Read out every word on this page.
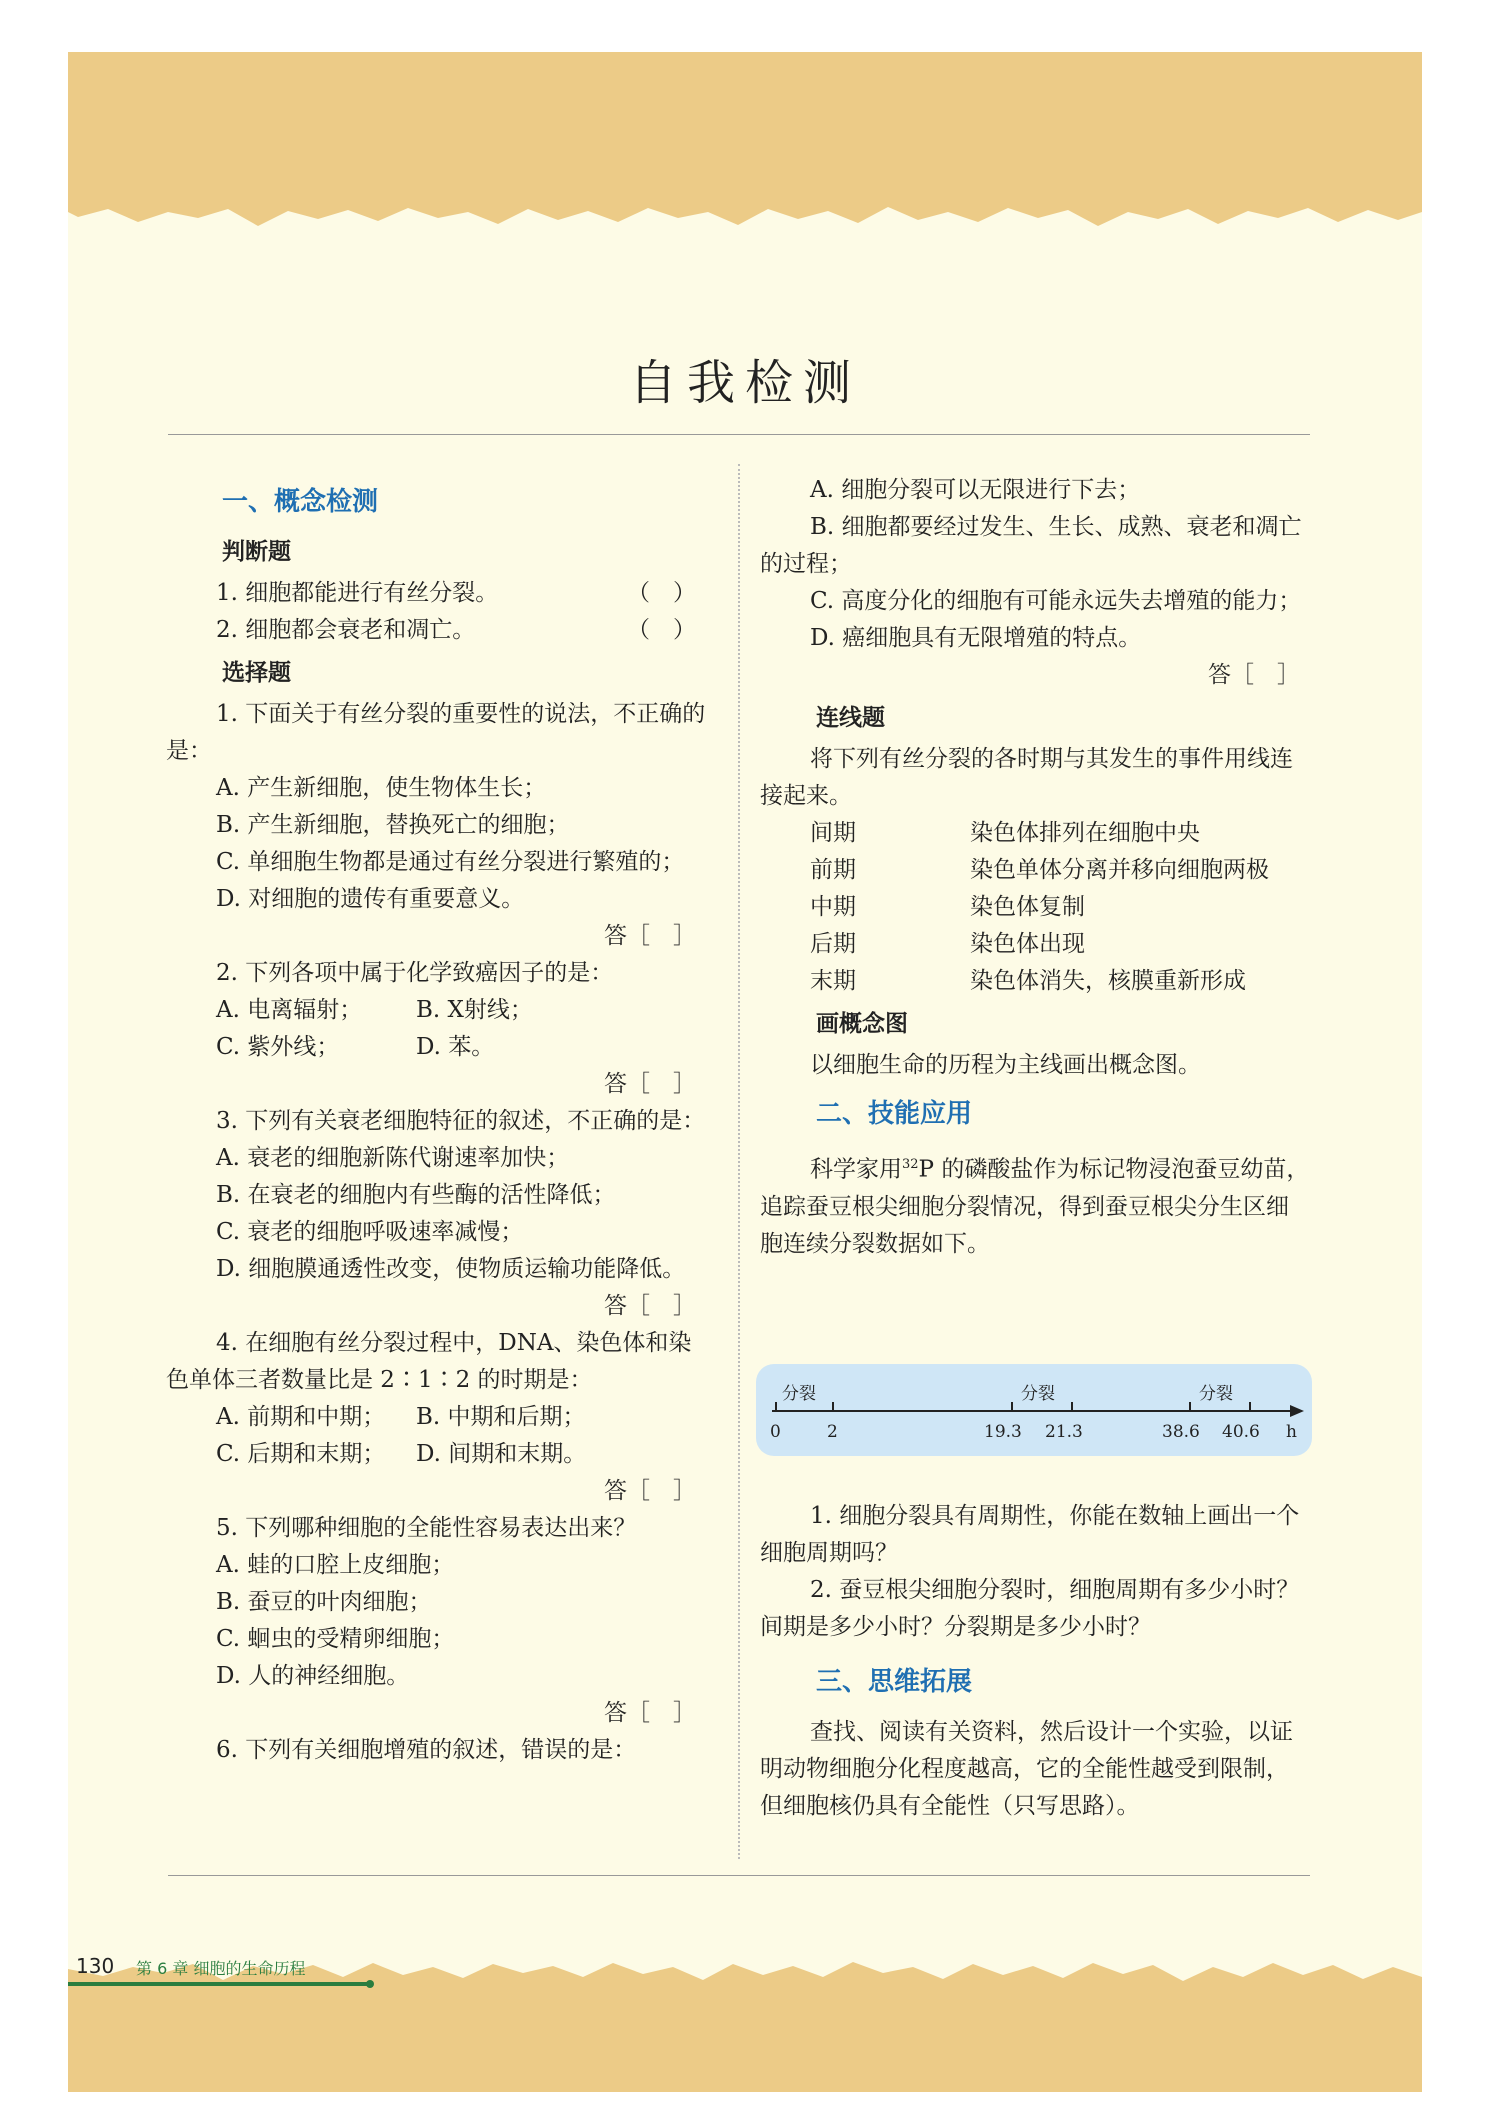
自我检测

一、概念检测

判断题

1. 细胞都能进行有丝分裂。	（　）

2. 细胞都会衰老和凋亡。	（　）

选择题

1. 下面关于有丝分裂的重要性的说法，不正确的是：

A. 产生新细胞，使生物体生长；

B. 产生新细胞，替换死亡的细胞；

C. 单细胞生物都是通过有丝分裂进行繁殖的；

D. 对细胞的遗传有重要意义。

答［　］

2. 下列各项中属于化学致癌因子的是：

A. 电离辐射；	B. X射线；

C. 紫外线；	D. 苯。

答［　］

3. 下列有关衰老细胞特征的叙述，不正确的是：

A. 衰老的细胞新陈代谢速率加快；

B. 在衰老的细胞内有些酶的活性降低；

C. 衰老的细胞呼吸速率减慢；

D. 细胞膜通透性改变，使物质运输功能降低。

答［　］

4. 在细胞有丝分裂过程中，DNA、染色体和染色单体三者数量比是 2∶1∶2 的时期是：

A. 前期和中期；	B. 中期和后期；

C. 后期和末期；	D. 间期和末期。

答［　］

5. 下列哪种细胞的全能性容易表达出来？

A. 蛙的口腔上皮细胞；

B. 蚕豆的叶肉细胞；

C. 蛔虫的受精卵细胞；

D. 人的神经细胞。

答［　］

6. 下列有关细胞增殖的叙述，错误的是：

A. 细胞分裂可以无限进行下去；

B. 细胞都要经过发生、生长、成熟、衰老和凋亡的过程；

C. 高度分化的细胞有可能永远失去增殖的能力；

D. 癌细胞具有无限增殖的特点。

答［　］

连线题

将下列有丝分裂的各时期与其发生的事件用线连接起来。

间期	染色体排列在细胞中央

前期	染色单体分离并移向细胞两极

中期	染色体复制

后期	染色体出现

末期	染色体消失，核膜重新形成

画概念图

以细胞生命的历程为主线画出概念图。

二、技能应用

科学家用$^{32}$P 的磷酸盐作为标记物浸泡蚕豆幼苗，追踪蚕豆根尖细胞分裂情况，得到蚕豆根尖分生区细胞连续分裂数据如下。

分裂	分裂	分裂
0	2	19.3 21.3	38.6 40.6 h

1. 细胞分裂具有周期性，你能在数轴上画出一个细胞周期吗？

2. 蚕豆根尖细胞分裂时，细胞周期有多少小时？间期是多少小时？分裂期是多少小时？

三、思维拓展

查找、阅读有关资料，然后设计一个实验，以证明动物细胞分化程度越高，它的全能性越受到限制，但细胞核仍具有全能性（只写思路）。

130 第 6 章 细胞的生命历程
